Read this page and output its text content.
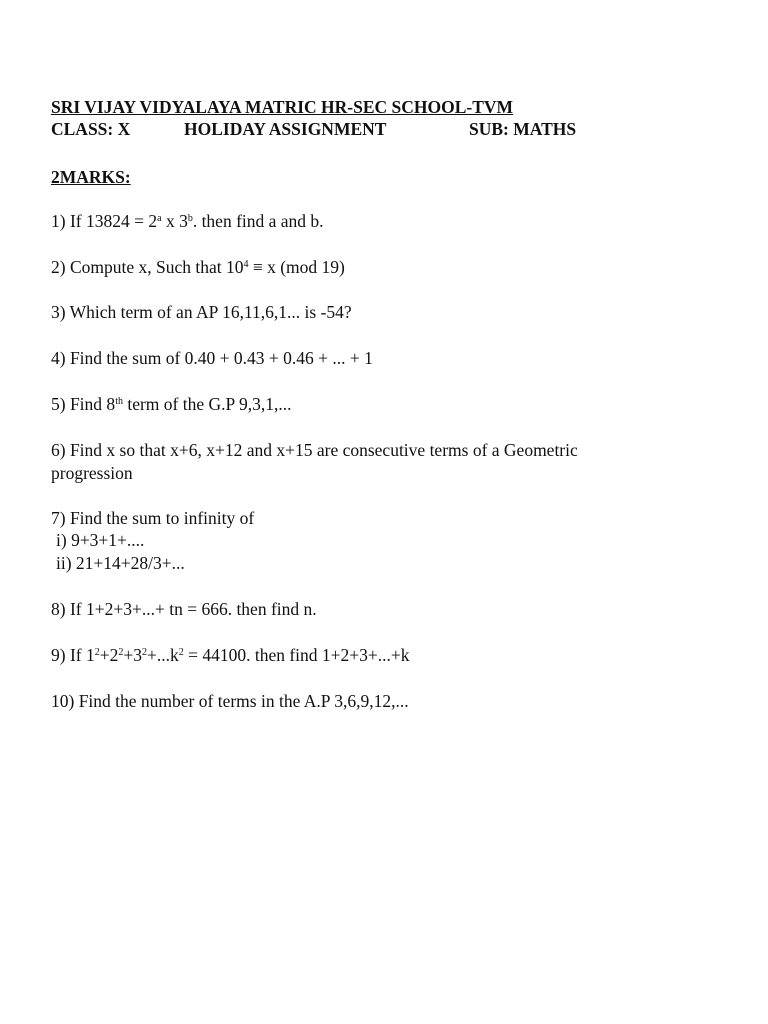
SRI VIJAY VIDYALAYA MATRIC HR-SEC SCHOOL-TVM
CLASS: X	HOLIDAY ASSIGNMENT	SUB: MATHS
2MARKS:
1) If $13824 = 2^a$ x 3$^b$. then find a and b.
2) Compute x, Such that $10^4 \equiv x$ (mod 19)
3) Which term of an AP 16,11,6,1... is -54?
4) Find the sum of 0.40 + 0.43 + 0.46 + ... + 1
5) Find 8th term of the G.P 9,3,1,...
6) Find x so that x+6, x+12 and x+15 are consecutive terms of a Geometric
progression
7) Find the sum to infinity of
i) 9+3+1+....
ii) 21+14+28/3+...
8) If 1+2+3+...+ tn = 666. then find n.
9) If $1^2+2^2+3^2+...k^2 = 44100$. then find 1+2+3+...+k
10) Find the number of terms in the A.P 3,6,9,12,...
